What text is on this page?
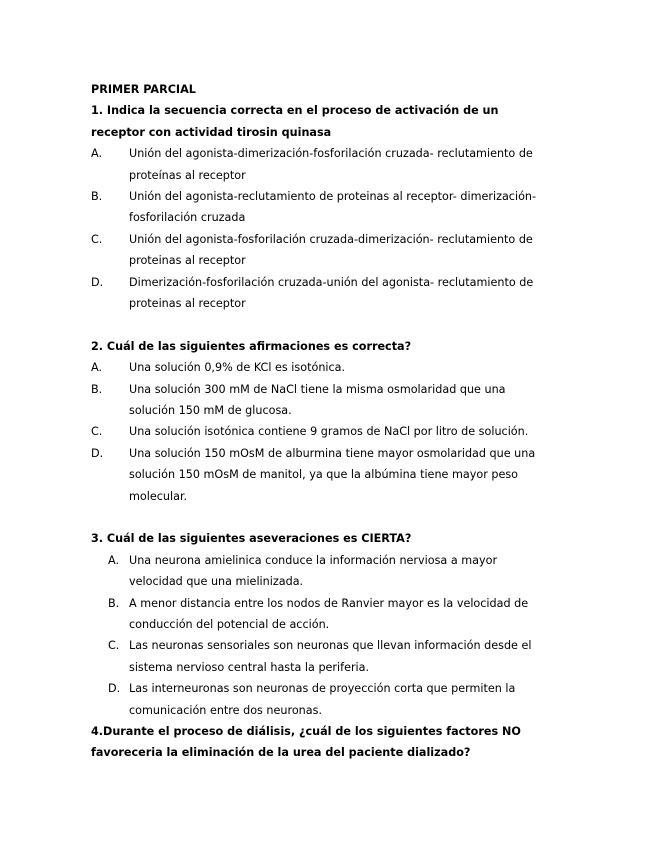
PRIMER PARCIAL
1. Indica la secuencia correcta en el proceso de activación de un
receptor con actividad tirosin quinasa
A.	Unión del agonista-dimerización-fosforilación cruzada- reclutamiento de
proteínas al receptor
B.	Unión del agonista-reclutamiento de proteinas al receptor- dimerización-
fosforilación cruzada
C.	Unión del agonista-fosforilación cruzada-dimerización- reclutamiento de
proteinas al receptor
D.	Dimerización-fosforilación cruzada-unión del agonista- reclutamiento de
proteinas al receptor
2. Cuál de las siguientes afirmaciones es correcta?
A.	Una solución 0,9% de KCl es isotónica.
B.	Una solución 300 mM de NaCl tiene la misma osmolaridad que una
solución 150 mM de glucosa.
C.	Una solución isotónica contiene 9 gramos de NaCl por litro de solución.
D.	Una solución 150 mOsM de alburmina tiene mayor osmolaridad que una
solución 150 mOsM de manitol, ya que la albúmina tiene mayor peso
molecular.
3. Cuál de las siguientes aseveraciones es CIERTA?
A. Una neurona amielinica conduce la información nerviosa a mayor
velocidad que una mielinizada.
B. A menor distancia entre los nodos de Ranvier mayor es la velocidad de
conducción del potencial de acción.
C. Las neuronas sensoriales son neuronas que llevan información desde el
sistema nervioso central hasta la periferia.
D. Las interneuronas son neuronas de proyección corta que permiten la
comunicación entre dos neuronas.
4.Durante el proceso de diálisis, ¿cuál de los siguientes factores NO
favoreceria la eliminación de la urea del paciente dializado?
